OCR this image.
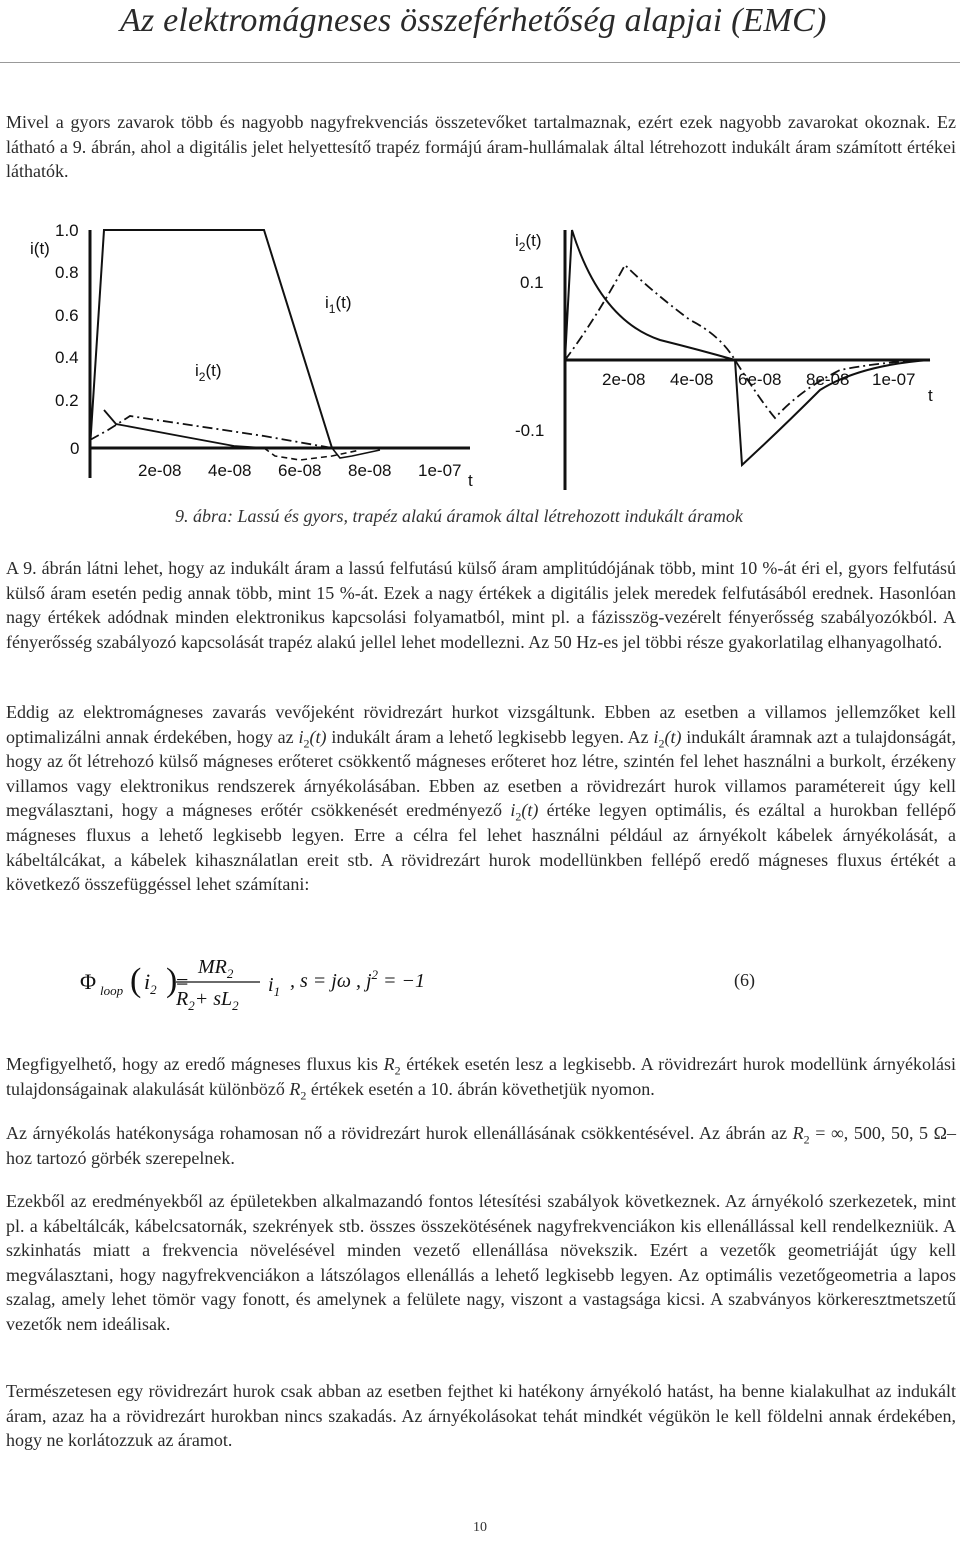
Az elektromágneses összeférhetőség alapjai (EMC)
Mivel a gyors zavarok több és nagyobb nagyfrekvenciás összetevőket tartalmaznak, ezért ezek nagyobb zavarokat okoznak. Ez látható a 9. ábrán, ahol a digitális jelet helyettesítő trapéz formájú áram-hullámalak által létrehozott indukált áram számított értékei láthatók.
i(t)
1.0
0.8
0.6
0.4
0.2
0
2e-08 4e-08 6e-08 8e-08 1e-07
t
$i_1(t)$
$i_2(t)$
$i_2(t)$
0.1
-0.1
2e-08 4e-08 6e-08 8e-08 1e-07
t
9. ábra: Lassú és gyors, trapéz alakú áramok által létrehozott indukált áramok
A 9. ábrán látni lehet, hogy az indukált áram a lassú felfutású külső áram amplitúdójának több, mint 10 %-át éri el, gyors felfutású külső áram esetén pedig annak több, mint 15 %-át. Ezek a nagy értékek a digitális jelek meredek felfutásából erednek. Hasonlóan nagy értékek adódnak minden elektronikus kapcsolási folyamatból, mint pl. a fázisszög-vezérelt fényerősség szabályozókból. A fényerősség szabályozó kapcsolását trapéz alakú jellel lehet modellezni. Az 50 Hz-es jel többi része gyakorlatilag elhanyagolható.
Eddig az elektromágneses zavarás vevőjeként rövidrezárt hurkot vizsgáltunk. Ebben az esetben a villamos jellemzőket kell optimalizálni annak érdekében, hogy az $i_2(t)$ indukált áram a lehető legkisebb legyen. Az $i_2(t)$ indukált áramnak azt a tulajdonságát, hogy az őt létrehozó külső mágneses erőteret csökkentő mágneses erőteret hoz létre, szintén fel lehet használni a burkolt, érzékeny villamos vagy elektronikus rendszerek árnyékolásában. Ebben az esetben a rövidrezárt hurok villamos paramétereit úgy kell megválasztani, hogy a mágneses erőtér csökkenését eredményező $i_2(t)$ értéke legyen optimális, és ezáltal a hurokban fellépő mágneses fluxus a lehető legkisebb legyen. Erre a célra fel lehet használni például az árnyékolt kábelek árnyékolását, a kábeltálcákat, a kábelek kihasználatlan ereit stb. A rövidrezárt hurok modellünkben fellépő eredő mágneses fluxus értékét a következő összefüggéssel lehet számítani:
Φ loop ( $i_2$ )
=
$MR_2$
$R_2+ sL_2$
$i_1$ , s = jω , $j^2 = -1$	(6)
Megfigyelhető, hogy az eredő mágneses fluxus kis $R_2$ értékek esetén lesz a legkisebb. A rövidrezárt hurok modellünk árnyékolási tulajdonságainak alakulását különböző $R_2$ értékek esetén a 10. ábrán követhetjük nyomon.
Az árnyékolás hatékonysága rohamosan nő a rövidrezárt hurok ellenállásának csökkentésével. Az ábrán az $R_2$ = ∞, 500, 50, 5 Ω–hoz tartozó görbék szerepelnek.
Ezekből az eredményekből az épületekben alkalmazandó fontos létesítési szabályok következnek. Az árnyékoló szerkezetek, mint pl. a kábeltálcák, kábelcsatornák, szekrények stb. összes összekötésének nagyfrekvenciákon kis ellenállással kell rendelkezniük. A szkinhatás miatt a frekvencia növelésével minden vezető ellenállása növekszik. Ezért a vezetők geometriáját úgy kell megválasztani, hogy nagyfrekvenciákon a látszólagos ellenállás a lehető legkisebb legyen. Az optimális vezetőgeometria a lapos szalag, amely lehet tömör vagy fonott, és amelynek a felülete nagy, viszont a vastagsága kicsi. A szabványos körkeresztmetszetű vezetők nem ideálisak.
Természetesen egy rövidrezárt hurok csak abban az esetben fejthet ki hatékony árnyékoló hatást, ha benne kialakulhat az indukált áram, azaz ha a rövidrezárt hurokban nincs szakadás. Az árnyékolásokat tehát mindkét végükön le kell földelni annak érdekében, hogy ne korlátozzuk az áramot.
10
